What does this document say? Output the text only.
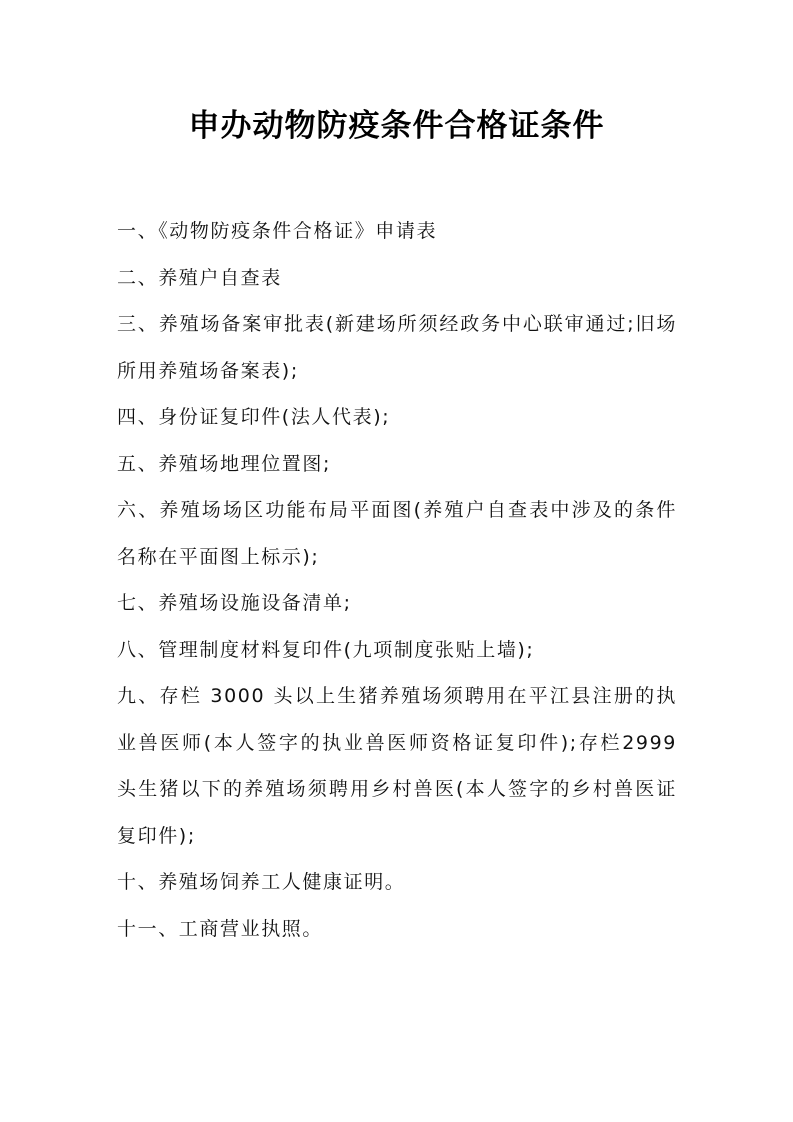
申办动物防疫条件合格证条件

一、《动物防疫条件合格证》申请表

二、养殖户自查表

三、养殖场备案审批表(新建场所须经政务中心联审通过;旧场所用养殖场备案表);

四、身份证复印件(法人代表);

五、养殖场地理位置图;

六、养殖场场区功能布局平面图(养殖户自查表中涉及的条件名称在平面图上标示);

七、养殖场设施设备清单;

八、管理制度材料复印件(九项制度张贴上墙);

九、存栏 3000 头以上生猪养殖场须聘用在平江县注册的执业兽医师(本人签字的执业兽医师资格证复印件);存栏2999 头生猪以下的养殖场须聘用乡村兽医(本人签字的乡村兽医证复印件);

十、养殖场饲养工人健康证明。

十一、工商营业执照。
